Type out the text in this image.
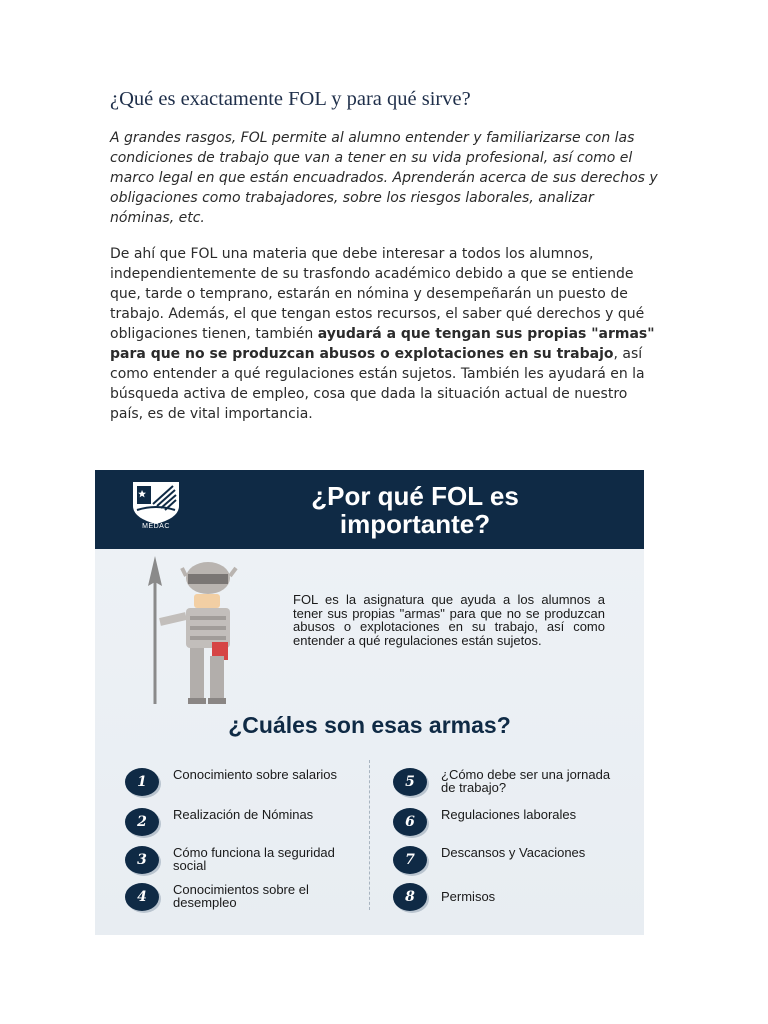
¿Qué es exactamente FOL y para qué sirve?

A grandes rasgos, FOL permite al alumno entender y familiarizarse con las condiciones de trabajo que van a tener en su vida profesional, así como el marco legal en que están encuadrados. Aprenderán acerca de sus derechos y obligaciones como trabajadores, sobre los riesgos laborales, analizar nóminas, etc.

De ahí que FOL una materia que debe interesar a todos los alumnos, independientemente de su trasfondo académico debido a que se entiende que, tarde o temprano, estarán en nómina y desempeñarán un puesto de trabajo. Además, el que tengan estos recursos, el saber qué derechos y qué obligaciones tienen, también ayudará a que tengan sus propias "armas" para que no se produzcan abusos o explotaciones en su trabajo, así como entender a qué regulaciones están sujetos. También les ayudará en la búsqueda activa de empleo, cosa que dada la situación actual de nuestro país, es de vital importancia.

MEDAC
¿Por qué FOL es importante?
FOL es la asignatura que ayuda a los alumnos a tener sus propias "armas" para que no se produzcan abusos o explotaciones en su trabajo, así como entender a qué regulaciones están sujetos.
¿Cuáles son esas armas?
1	Conocimiento sobre salarios
2	Realización de Nóminas
3	Cómo funciona la seguridad social
4	Conocimientos sobre el desempleo
5	¿Cómo debe ser una jornada de trabajo?
6	Regulaciones laborales
7	Descansos y Vacaciones
8	Permisos
